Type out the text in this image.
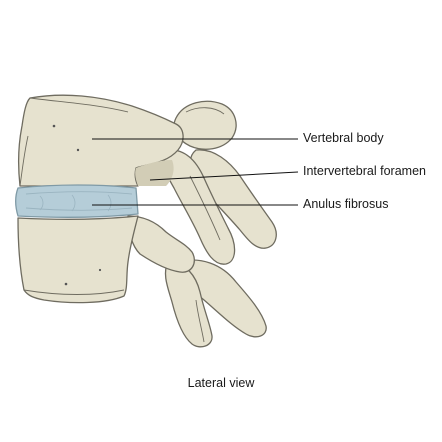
Vertebral body
Intervertebral foramen
Anulus fibrosus
Lateral view
